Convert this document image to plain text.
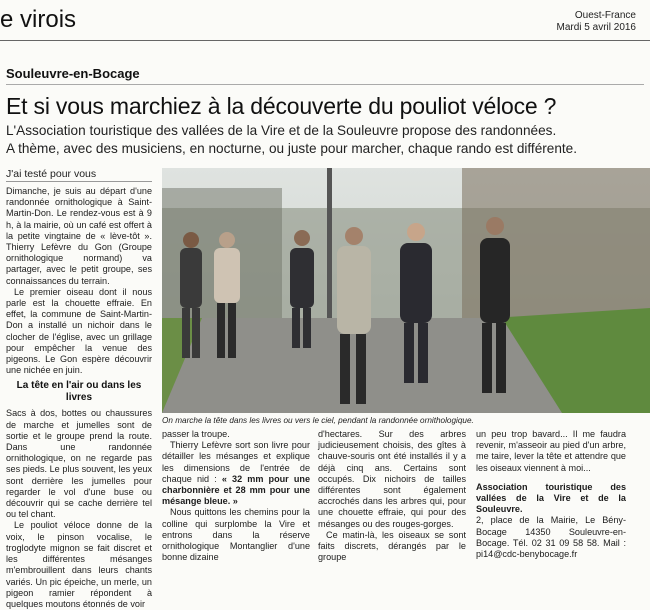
e virois	Ouest-France
Mardi 5 avril 2016
Souleuvre-en-Bocage
Et si vous marchiez à la découverte du pouliot véloce ?
L'Association touristique des vallées de la Vire et de la Souleuvre propose des randonnées.
A thème, avec des musiciens, en nocturne, ou juste pour marcher, chaque rando est différente.
J'ai testé pour vous

Dimanche, je suis au départ d'une randonnée ornithologique à Saint-Martin-Don. Le rendez-vous est à 9 h, à la mairie, où un café est offert à la petite vingtaine de « lève-tôt ». Thierry Lefèvre du Gon (Groupe ornithologique normand) va partager, avec le petit groupe, ses connaissances du terrain.

Le premier oiseau dont il nous parle est la chouette effraie. En effet, la commune de Saint-Martin-Don a installé un nichoir dans le clocher de l'église, avec un grillage pour empêcher la venue des pigeons. Le Gon espère découvrir une nichée en juin.

La tête en l'air ou dans les livres

Sacs à dos, bottes ou chaussures de marche et jumelles sont de sortie et le groupe prend la route. Dans une randonnée ornithologique, on ne regarde pas ses pieds. Le plus souvent, les yeux sont derrière les jumelles pour regarder le vol d'une buse ou découvrir qui se cache derrière tel ou tel chant.

Le pouliot véloce donne de la voix, le pinson vocalise, le troglodyte mignon se fait discret et les différentes mésanges m'embrouillent dans leurs chants variés. Un pic épeiche, un merle, un pigeon ramier répondent à quelques moutons étonnés de voir

On marche la tête dans les livres ou vers le ciel, pendant la randonnée ornithologique.

passer la troupe.

Thierry Lefèvre sort son livre pour détailler les mésanges et explique les dimensions de l'entrée de chaque nid : « 32 mm pour une charbonnière et 28 mm pour une mésange bleue. »

Nous quittons les chemins pour la colline qui surplombe la Vire et entrons dans la réserve ornithologique Montanglier d'une bonne dizaine

d'hectares. Sur des arbres judicieusement choisis, des gîtes à chauve-souris ont été installés il y a déjà cinq ans. Certains sont occupés. Dix nichoirs de tailles différentes sont également accrochés dans les arbres qui, pour une chouette effraie, qui pour des mésanges ou des rouges-gorges.

Ce matin-là, les oiseaux se sont faits discrets, dérangés par le groupe

un peu trop bavard... Il me faudra revenir, m'asseoir au pied d'un arbre, me taire, lever la tête et attendre que les oiseaux viennent à moi...

Association touristique des vallées de la Vire et de la Souleuvre.
2, place de la Mairie, Le Bény-Bocage 14350 Souleuvre-en-Bocage. Tél. 02 31 09 58 58. Mail : pi14@cdc-benybocage.fr
